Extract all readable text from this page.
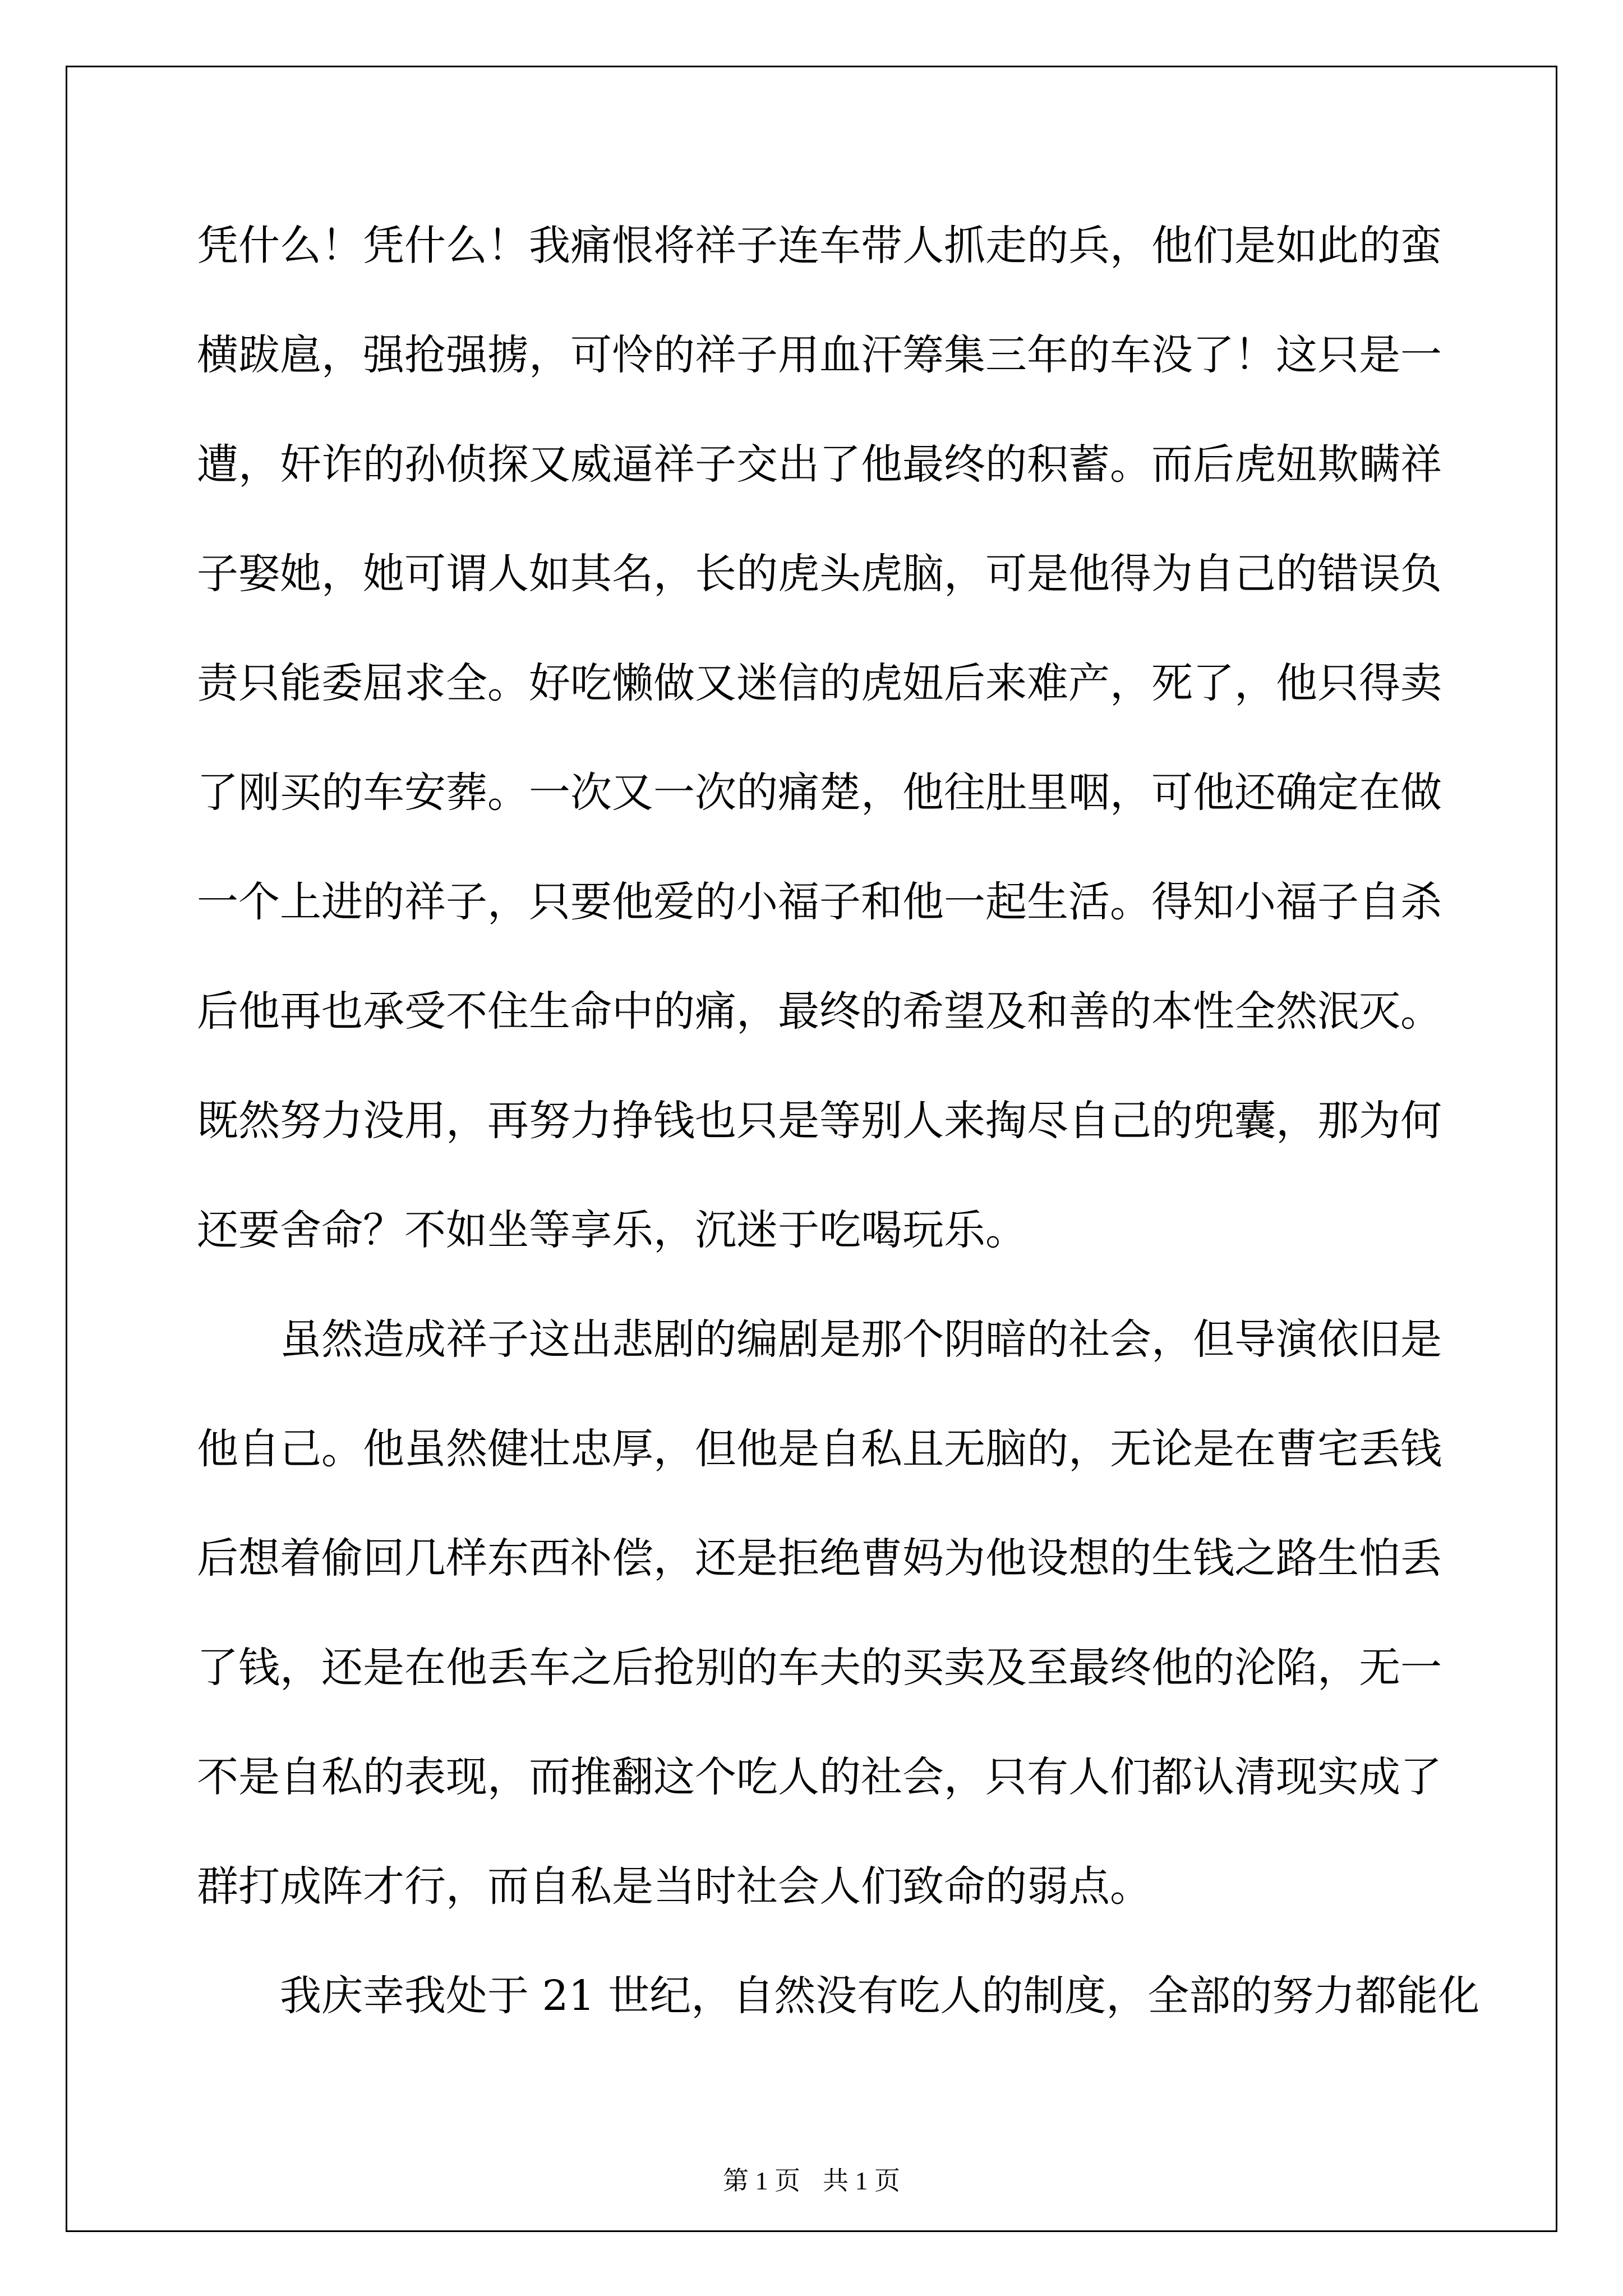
凭什么！凭什么！我痛恨将祥子连车带人抓走的兵，他们是如此的蛮
横跋扈，强抢强掳，可怜的祥子用血汗筹集三年的车没了！这只是一
遭，奸诈的孙侦探又威逼祥子交出了他最终的积蓄。而后虎妞欺瞒祥
子娶她，她可谓人如其名，长的虎头虎脑，可是他得为自己的错误负
责只能委屈求全。好吃懒做又迷信的虎妞后来难产，死了，他只得卖
了刚买的车安葬。一次又一次的痛楚，他往肚里咽，可他还确定在做
一个上进的祥子，只要他爱的小福子和他一起生活。得知小福子自杀
后他再也承受不住生命中的痛，最终的希望及和善的本性全然泯灭。
既然努力没用，再努力挣钱也只是等别人来掏尽自己的兜囊，那为何
还要舍命？不如坐等享乐，沉迷于吃喝玩乐。
虽然造成祥子这出悲剧的编剧是那个阴暗的社会，但导演依旧是
他自己。他虽然健壮忠厚，但他是自私且无脑的，无论是在曹宅丢钱
后想着偷回几样东西补偿，还是拒绝曹妈为他设想的生钱之路生怕丢
了钱，还是在他丢车之后抢别的车夫的买卖及至最终他的沦陷，无一
不是自私的表现，而推翻这个吃人的社会，只有人们都认清现实成了
群打成阵才行，而自私是当时社会人们致命的弱点。
我庆幸我处于 21 世纪，自然没有吃人的制度，全部的努力都能化
第 1 页 共 1 页
